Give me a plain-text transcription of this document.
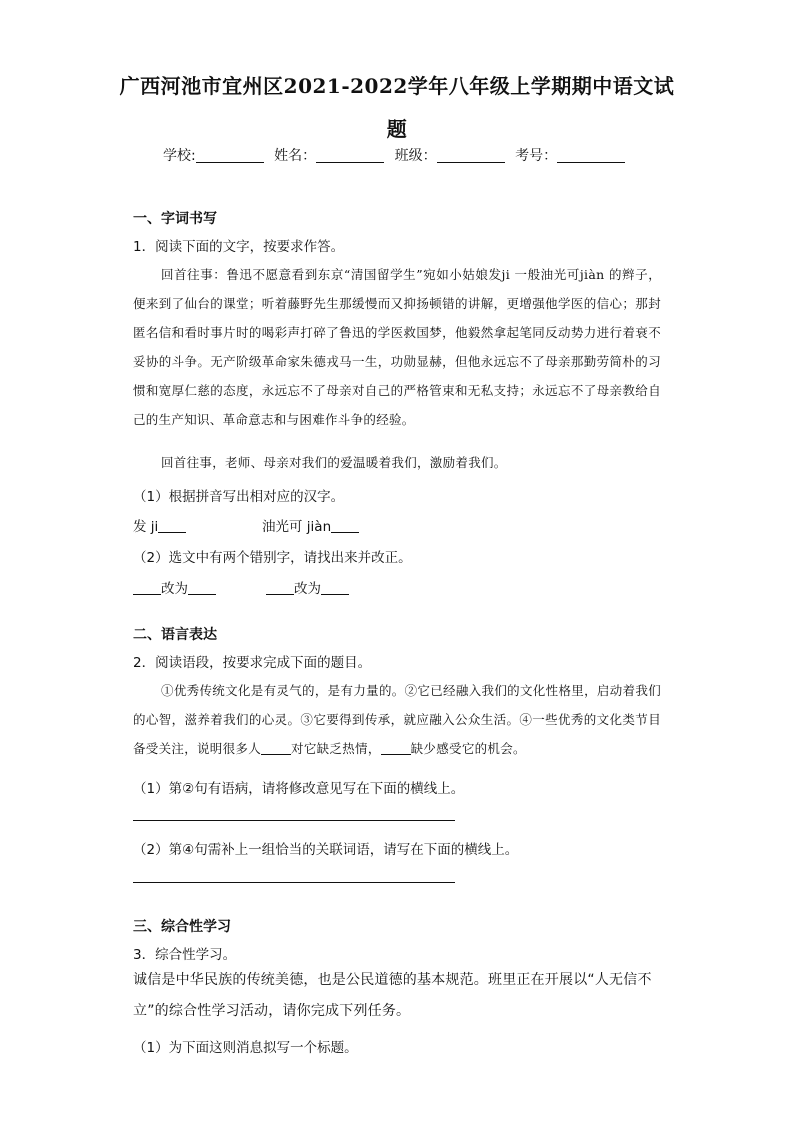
广西河池市宜州区2021-2022学年八年级上学期期中语文试
题
学校:	姓名：	班级：	考号：
一、字词书写
1．阅读下面的文字，按要求作答。
回首往事：鲁迅不愿意看到东京“清国留学生”宛如小姑娘发ji 一般油光可jiàn 的辫子，便来到了仙台的课堂；听着藤野先生那缓慢而又抑扬顿错的讲解，更增强他学医的信心；那封匿名信和看时事片时的喝彩声打碎了鲁迅的学医救国梦，他毅然拿起笔同反动势力进行着衰不妥协的斗争。无产阶级革命家朱德戎马一生，功勋显赫，但他永远忘不了母亲那勤劳简朴的习惯和宽厚仁慈的态度，永远忘不了母亲对自己的严格管束和无私支持；永远忘不了母亲教给自己的生产知识、革命意志和与困难作斗争的经验。
回首往事，老师、母亲对我们的爱温暖着我们，激励着我们。
（1）根据拼音写出相对应的汉字。
发 ji	油光可 jiàn
（2）选文中有两个错别字，请找出来并改正。
改为	改为
二、语言表达
2．阅读语段，按要求完成下面的题目。
①优秀传统文化是有灵气的，是有力量的。②它已经融入我们的文化性格里，启动着我们的心智，滋养着我们的心灵。③它要得到传承，就应融入公众生活。④一些优秀的文化类节目备受关注，说明很多人 对它缺乏热情， 缺少感受它的机会。
（1）第②句有语病，请将修改意见写在下面的横线上。
（2）第④句需补上一组恰当的关联词语，请写在下面的横线上。
三、综合性学习
3．综合性学习。
诚信是中华民族的传统美德，也是公民道德的基本规范。班里正在开展以“人无信不立”的综合性学习活动，请你完成下列任务。
（1）为下面这则消息拟写一个标题。
